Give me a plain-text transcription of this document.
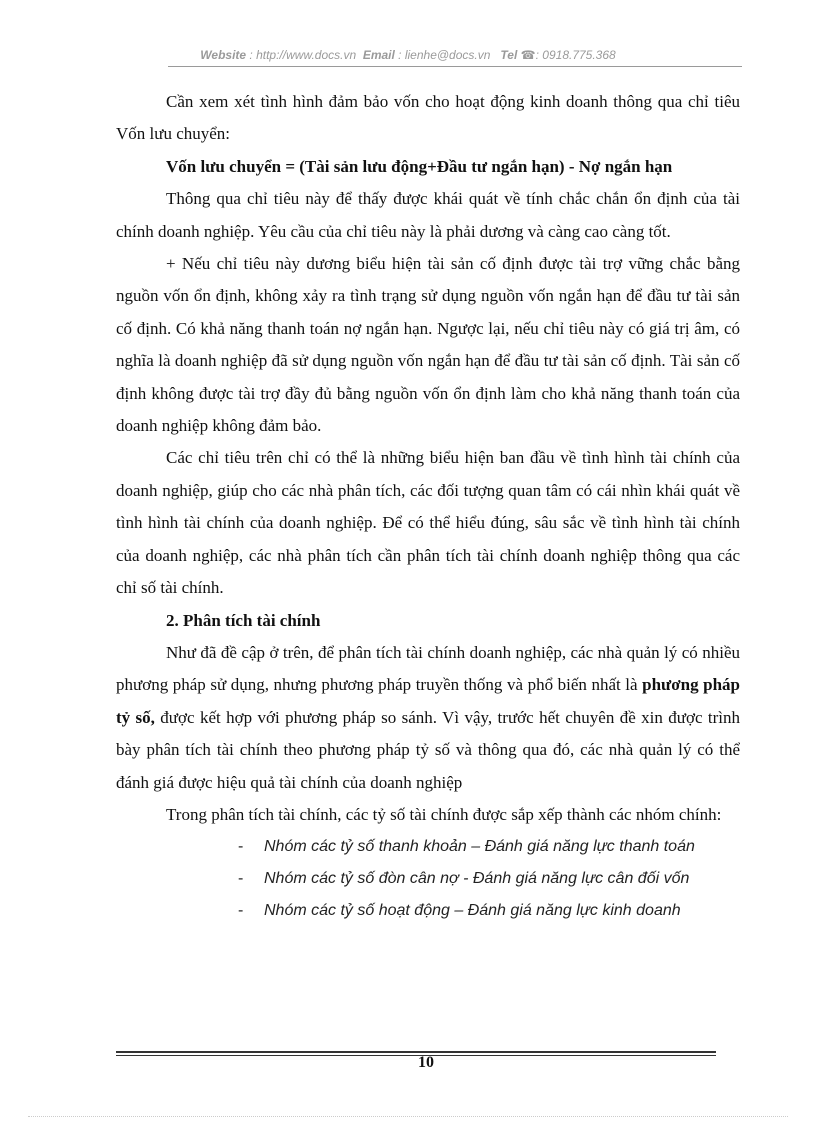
Website : http://www.docs.vn Email : lienhe@docs.vn Tel ☎: 0918.775.368

Cần xem xét tình hình đảm bảo vốn cho hoạt động kinh doanh thông qua chỉ tiêu Vốn lưu chuyển:

Vốn lưu chuyển = (Tài sản lưu động+Đầu tư ngắn hạn) - Nợ ngắn hạn

Thông qua chỉ tiêu này để thấy được khái quát về tính chắc chắn ổn định của tài chính doanh nghiệp. Yêu cầu của chỉ tiêu này là phải dương và càng cao càng tốt.

+ Nếu chỉ tiêu này dương biểu hiện tài sản cố định được tài trợ vững chắc bằng nguồn vốn ổn định, không xảy ra tình trạng sử dụng nguồn vốn ngắn hạn để đầu tư tài sản cố định. Có khả năng thanh toán nợ ngắn hạn. Ngược lại, nếu chỉ tiêu này có giá trị âm, có nghĩa là doanh nghiệp đã sử dụng nguồn vốn ngắn hạn để đầu tư tài sản cố định. Tài sản cố định không được tài trợ đầy đủ bằng nguồn vốn ổn định làm cho khả năng thanh toán của doanh nghiệp không đảm bảo.

Các chỉ tiêu trên chỉ có thể là những biểu hiện ban đầu về tình hình tài chính của doanh nghiệp, giúp cho các nhà phân tích, các đối tượng quan tâm có cái nhìn khái quát về tình hình tài chính của doanh nghiệp. Để có thể hiểu đúng, sâu sắc về tình hình tài chính của doanh nghiệp, các nhà phân tích cần phân tích tài chính doanh nghiệp thông qua các chỉ số tài chính.

2. Phân tích tài chính

Như đã đề cập ở trên, để phân tích tài chính doanh nghiệp, các nhà quản lý có nhiều phương pháp sử dụng, nhưng phương pháp truyền thống và phổ biến nhất là phương pháp tỷ số, được kết hợp với phương pháp so sánh. Vì vậy, trước hết chuyên đề xin được trình bày phân tích tài chính theo phương pháp tỷ số và thông qua đó, các nhà quản lý có thể đánh giá được hiệu quả tài chính của doanh nghiệp

Trong phân tích tài chính, các tỷ số tài chính được sắp xếp thành các nhóm chính:

- Nhóm các tỷ số thanh khoản – Đánh giá năng lực thanh toán
- Nhóm các tỷ số đòn cân nợ - Đánh giá năng lực cân đối vốn
- Nhóm các tỷ số hoạt động – Đánh giá năng lực kinh doanh
10
